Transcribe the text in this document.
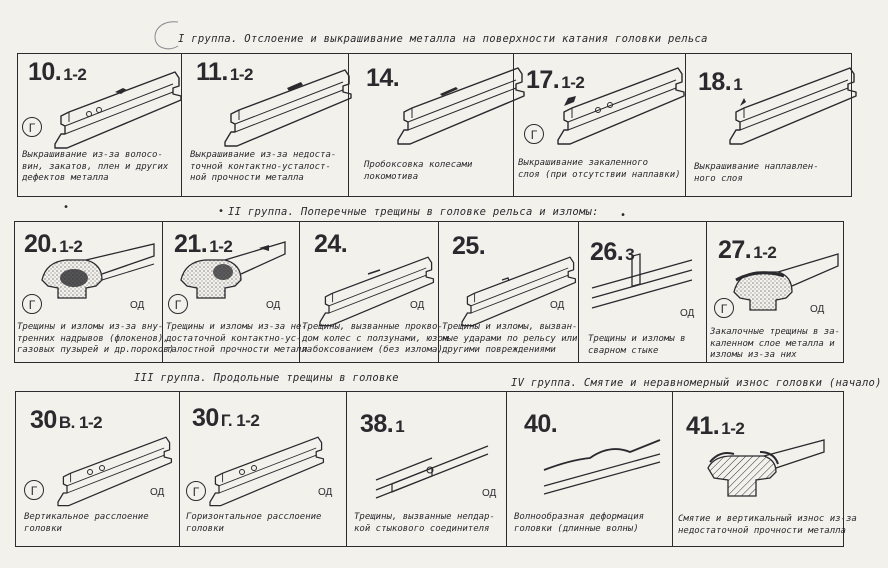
I группа. Отслоение и выкрашивание металла на поверхности катания головки рельса
II группа. Поперечные трещины в головке рельса и изломы:
III группа. Продольные трещины в головке	IV группа. Смятие и неравномерный износ головки (начало)
•
•
•
10. 1-2
Г
Выкрашивание из-за волосо-
вин, закатов, плен и других
дефектов металла
11. 1-2
Выкрашивание из-за недоста-
точной контактно-усталост-
ной прочности металла
14.
Пробоксовка колесами
локомотива
17. 1-2
Г
Выкрашивание закаленного
слоя (при отсутствии наплавки)
18. 1
Выкрашивание наплавлен-
ного слоя
20. 1-2
Г	ОД
Трещины и изломы из-за вну-
тренних надрывов (флокенов),
газовых пузырей и др.пороков)
21. 1-2
Г	ОД
Трещины и изломы из-за не-
достаточной контактно-ус-
талостной прочности металла
24.
ОД
Трещины, вызванные прокво-
дом колес с ползунами, юзом
и боксованием (без излома)
25.
ОД
Трещины и изломы, вызван-
ные ударами по рельсу или
другими повреждениями
26. 3
ОД
Трещины и изломы в
сварном стыке
27. 1-2
Г	ОД
Закалочные трещины в за-
каленном слое металла и
изломы из-за них
30 В. 1-2
Г	ОД
Вертикальное расслоение
головки
30 Г. 1-2
Г	ОД
Горизонтальное расслоение
головки
38. 1
ОД
Трещины, вызванные непдар-
кой стыкового соединителя
40.
Волнообразная деформация
головки (длинные волны)
41. 1-2
Смятие и вертикальный износ из-за
недостаточной прочности металла
